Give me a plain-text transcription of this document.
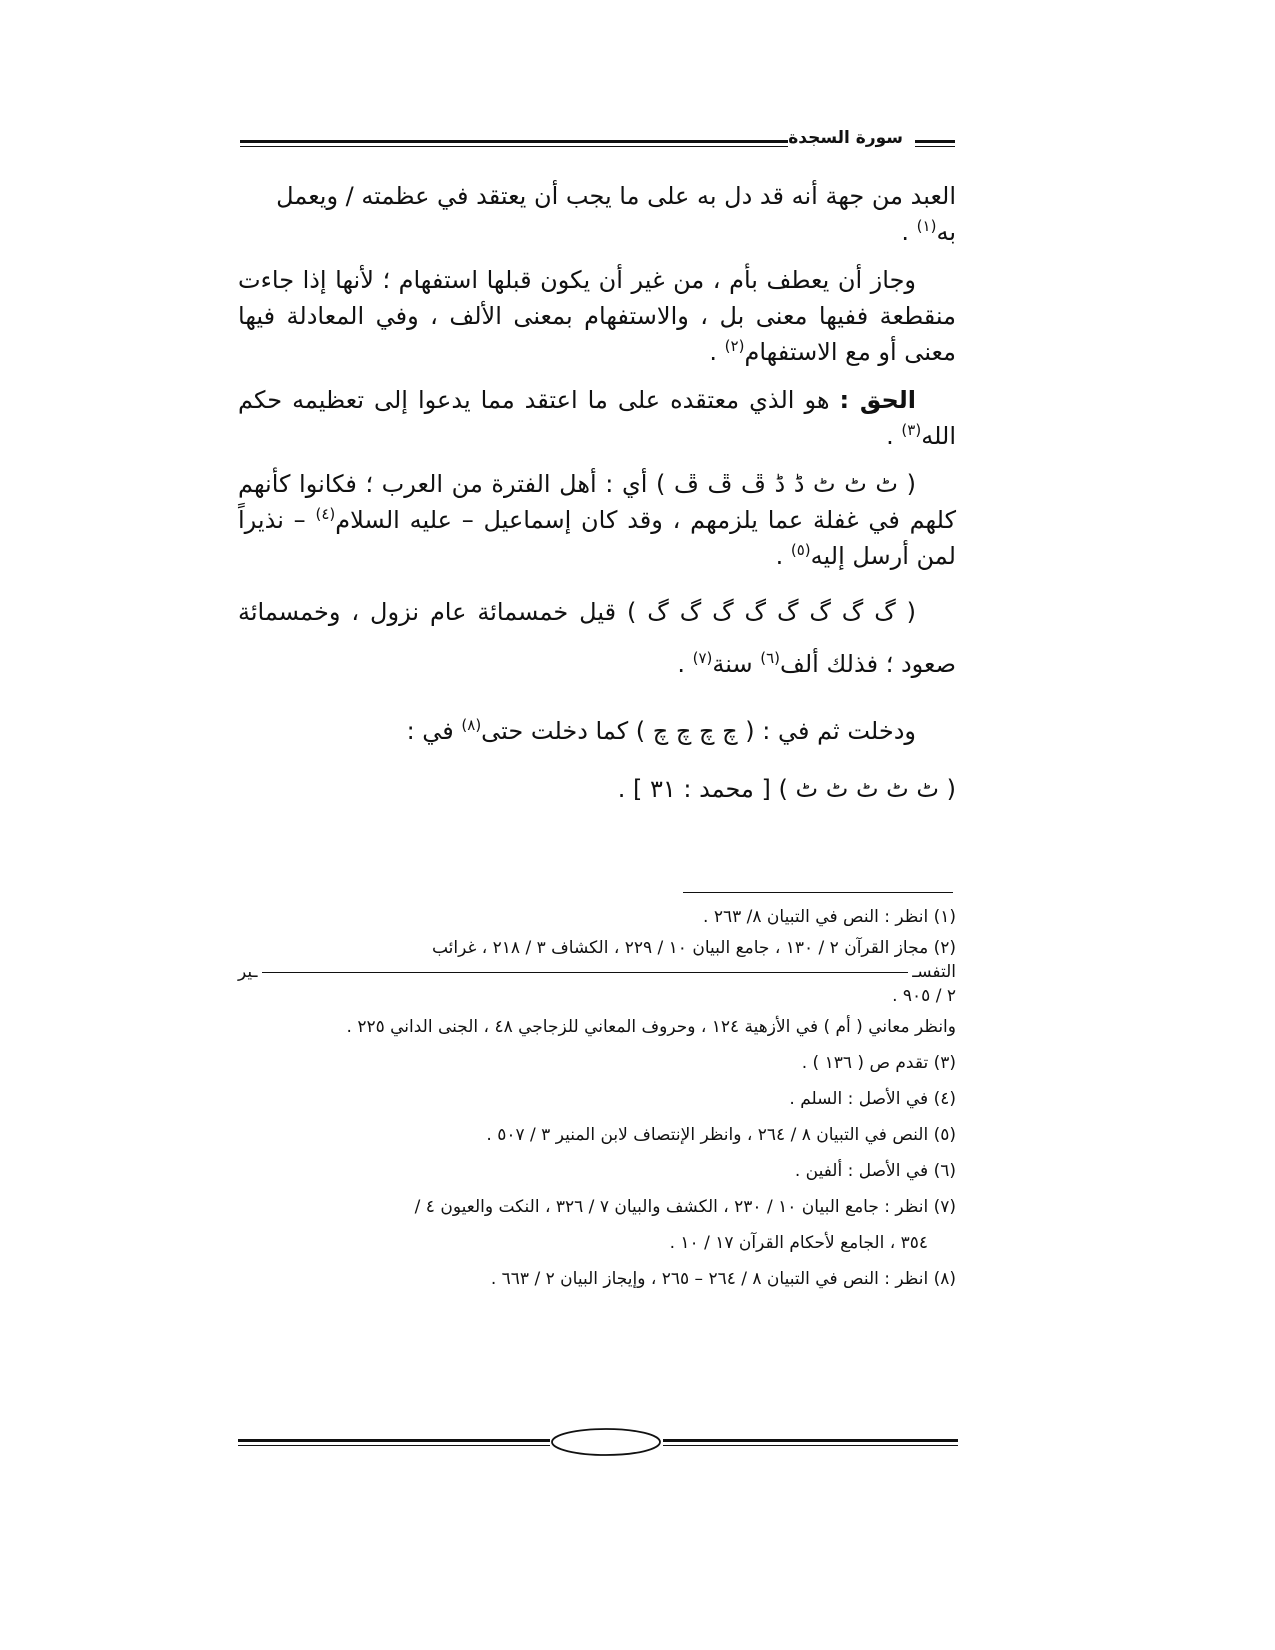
سورة السجدة

العبد من جهة أنه قد دل به على ما يجب أن يعتقد في عظمته / ويعمل
به$^{(١)}$ .

وجاز أن يعطف بأم ، من غير أن يكون قبلها استفهام ؛ لأنها إذا جاءت منقطعة ففيها معنى بل ، والاستفهام بمعنى الألف ، وفي المعادلة فيها معنى أو مع الاستفهام$^{(٢)}$ .

الحق : هو الذي معتقده على ما اعتقد مما يدعوا إلى تعظيمه حكم الله$^{(٣)}$ .

( ٹ ٹ ٹ ڈ ڈ ڦ ڦ ڦ ) أي : أهل الفترة من العرب ؛ فكانوا كأنهم كلهم في غفلة عما يلزمهم ، وقد كان إسماعيل – عليه السلام$^{(٤)}$ – نذيراً لمن أرسل إليه$^{(٥)}$ .

( گ گ گ گ گ گ گ گ ) قيل خمسمائة عام نزول ، وخمسمائة صعود ؛ فذلك ألف$^{(٦)}$ سنة$^{(٧)}$ .

ودخلت ثم في : ( چ چ چ چ ) كما دخلت حتى$^{(٨)}$ في :
( ٹ ٹ ٹ ٹ ٹ ) [ محمد : ٣١ ] .

(١) انظر : النص في التبيان ٨/ ٢٦٣ .
(٢) مجاز القرآن ٢ / ١٣٠ ، جامع البيان ١٠ / ٢٢٩ ، الكشاف ٣ / ٢١٨ ، غرائب
التفسـ
ـير
٢ / ٩٠٥ .
وانظر معاني ( أم ) في الأزهية ١٢٤ ، وحروف المعاني للزجاجي ٤٨ ، الجنى الداني ٢٢٥ .
(٣) تقدم ص ( ١٣٦ ) .
(٤) في الأصل : السلم .
(٥) النص في التبيان ٨ / ٢٦٤ ، وانظر الإنتصاف لابن المنير ٣ / ٥٠٧ .
(٦) في الأصل : ألفين .
(٧) انظر : جامع البيان ١٠ / ٢٣٠ ، الكشف والبيان ٧ / ٣٢٦ ، النكت والعيون ٤ /
٣٥٤ ، الجامع لأحكام القرآن ١٧ / ١٠ .
(٨) انظر : النص في التبيان ٨ / ٢٦٤ – ٢٦٥ ، وإيجاز البيان ٢ / ٦٦٣ .
